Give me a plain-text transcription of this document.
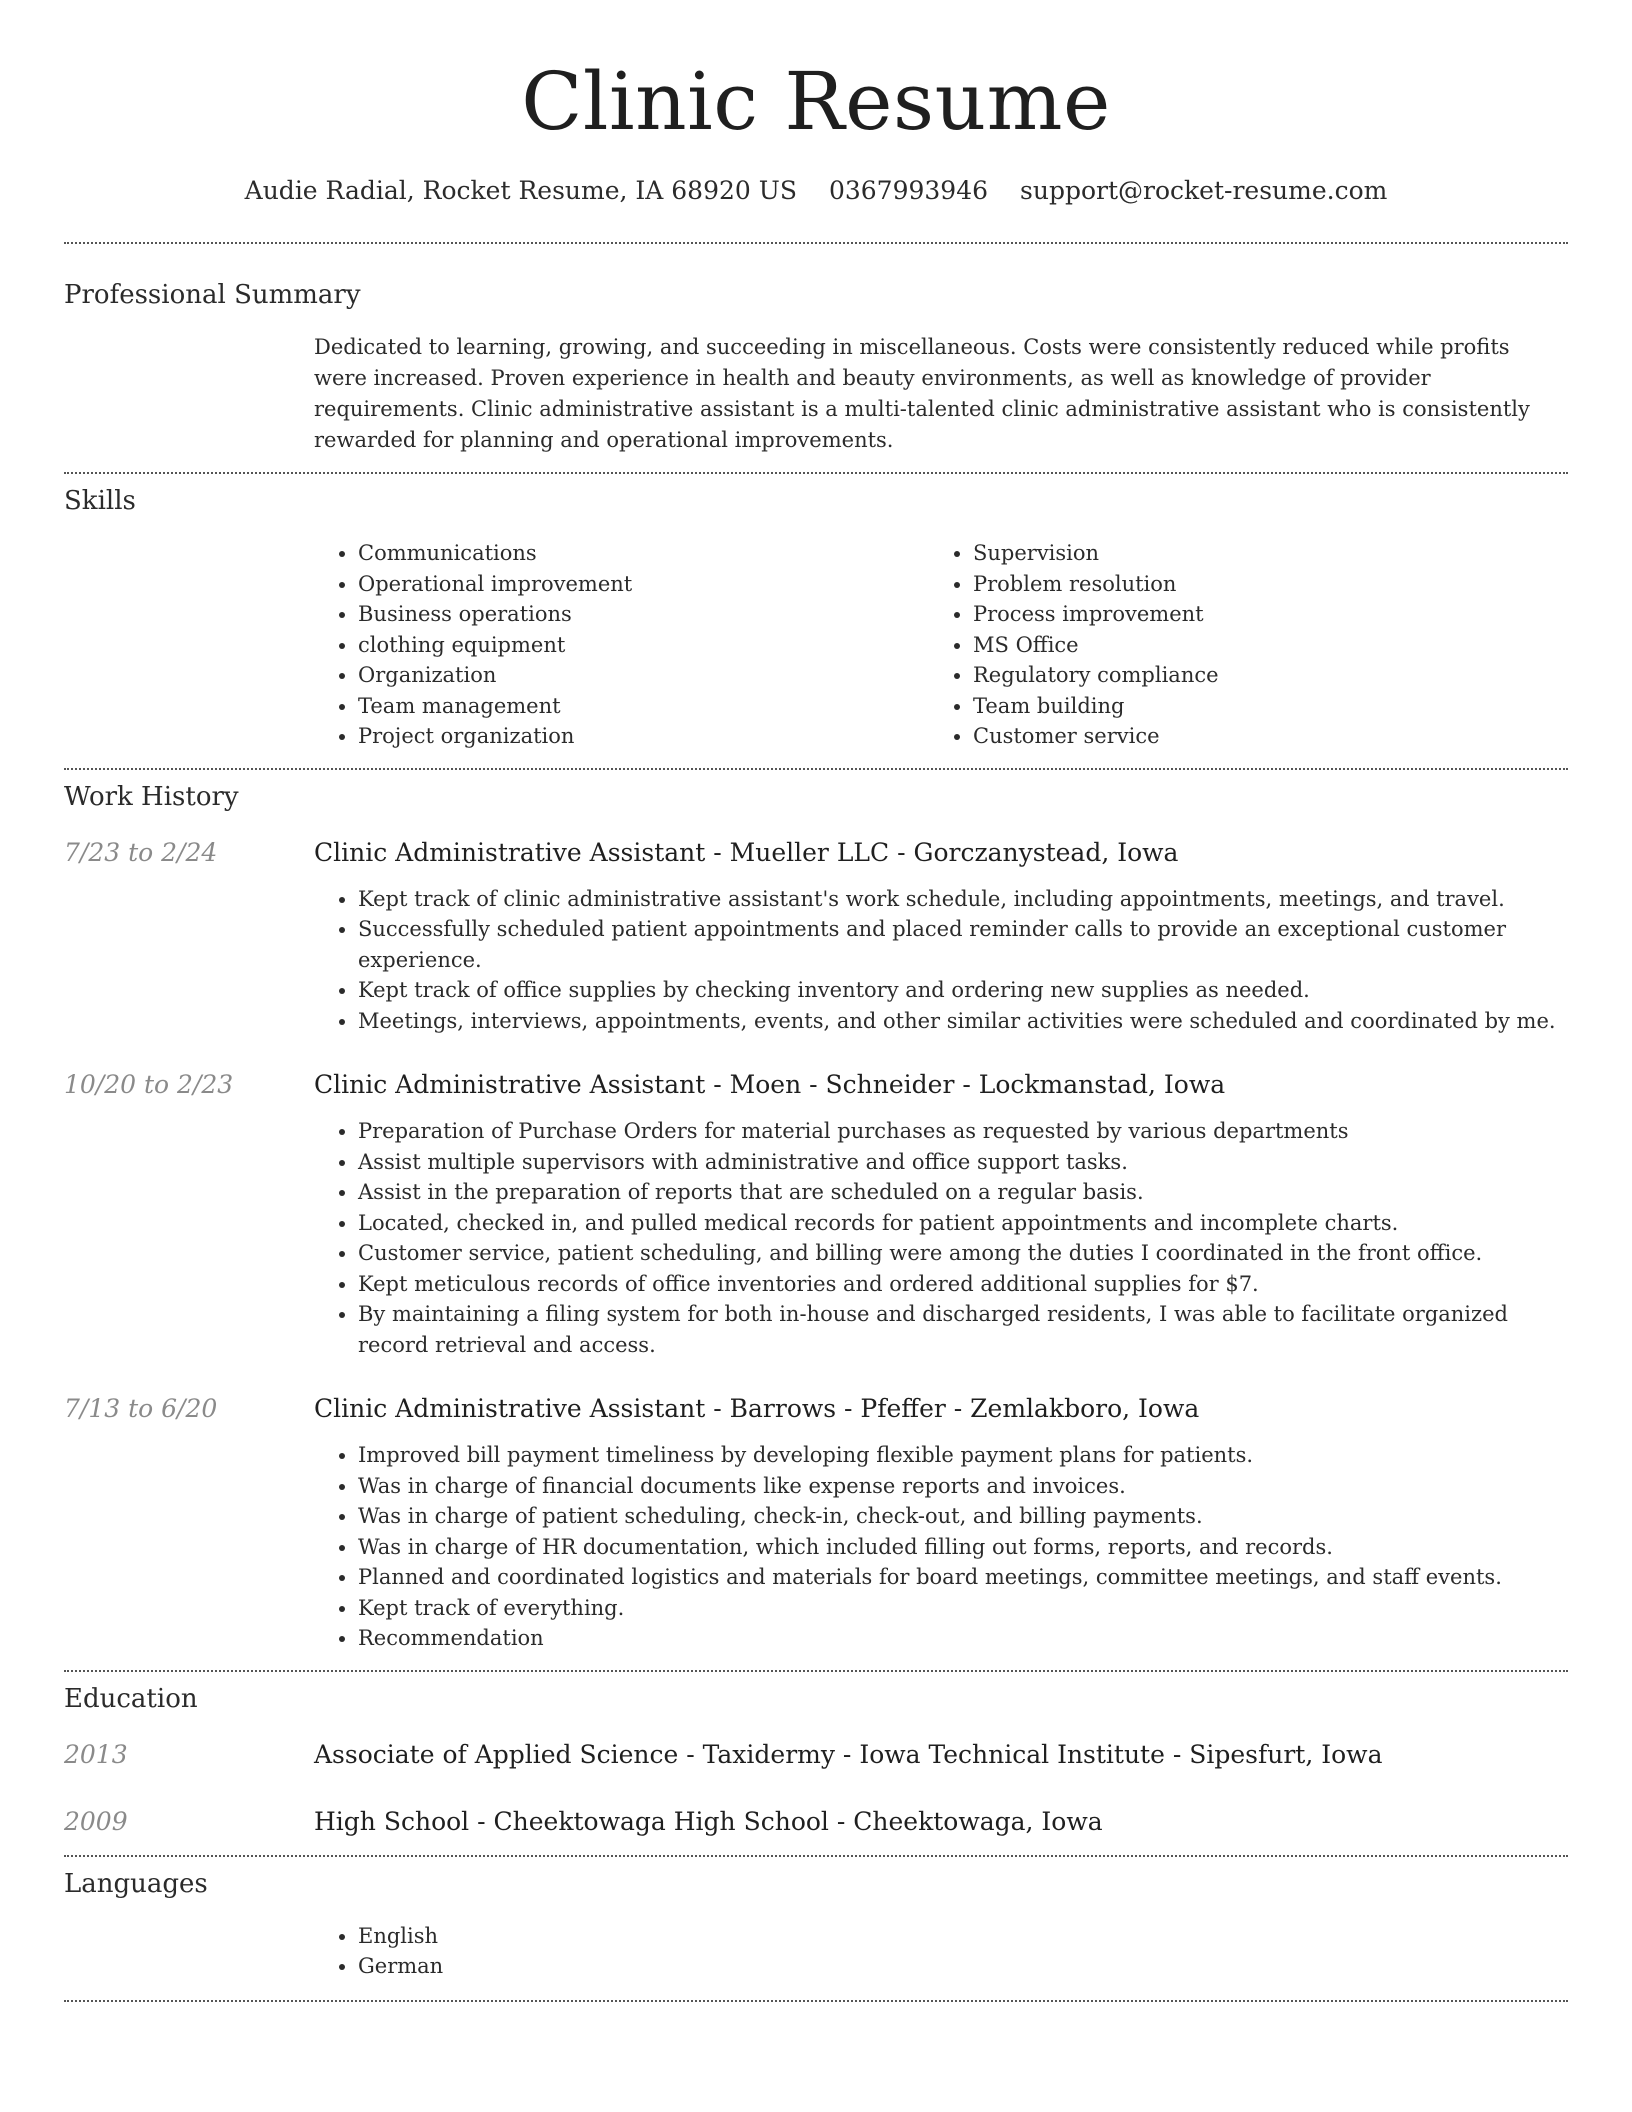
Clinic Resume
Audie Radial, Rocket Resume, IA 68920 US 0367993946 support@rocket-resume.com
Professional Summary
Dedicated to learning, growing, and succeeding in miscellaneous. Costs were consistently reduced while profits were increased. Proven experience in health and beauty environments, as well as knowledge of provider requirements. Clinic administrative assistant is a multi-talented clinic administrative assistant who is consistently rewarded for planning and operational improvements.
Skills
• Communications
• Operational improvement
• Business operations
• clothing equipment
• Organization
• Team management
• Project organization
• Supervision
• Problem resolution
• Process improvement
• MS Office
• Regulatory compliance
• Team building
• Customer service
Work History
7/23 to 2/24	Clinic Administrative Assistant - Mueller LLC - Gorczanystead, Iowa
• Kept track of clinic administrative assistant's work schedule, including appointments, meetings, and travel.
• Successfully scheduled patient appointments and placed reminder calls to provide an exceptional customer experience.
• Kept track of office supplies by checking inventory and ordering new supplies as needed.
• Meetings, interviews, appointments, events, and other similar activities were scheduled and coordinated by me.
10/20 to 2/23	Clinic Administrative Assistant - Moen - Schneider - Lockmanstad, Iowa
• Preparation of Purchase Orders for material purchases as requested by various departments
• Assist multiple supervisors with administrative and office support tasks.
• Assist in the preparation of reports that are scheduled on a regular basis.
• Located, checked in, and pulled medical records for patient appointments and incomplete charts.
• Customer service, patient scheduling, and billing were among the duties I coordinated in the front office.
• Kept meticulous records of office inventories and ordered additional supplies for $7.
• By maintaining a filing system for both in-house and discharged residents, I was able to facilitate organized record retrieval and access.
7/13 to 6/20	Clinic Administrative Assistant - Barrows - Pfeffer - Zemlakboro, Iowa
• Improved bill payment timeliness by developing flexible payment plans for patients.
• Was in charge of financial documents like expense reports and invoices.
• Was in charge of patient scheduling, check-in, check-out, and billing payments.
• Was in charge of HR documentation, which included filling out forms, reports, and records.
• Planned and coordinated logistics and materials for board meetings, committee meetings, and staff events.
• Kept track of everything.
• Recommendation
Education
2013	Associate of Applied Science - Taxidermy - Iowa Technical Institute - Sipesfurt, Iowa
2009	High School - Cheektowaga High School - Cheektowaga, Iowa
Languages
• English
• German
